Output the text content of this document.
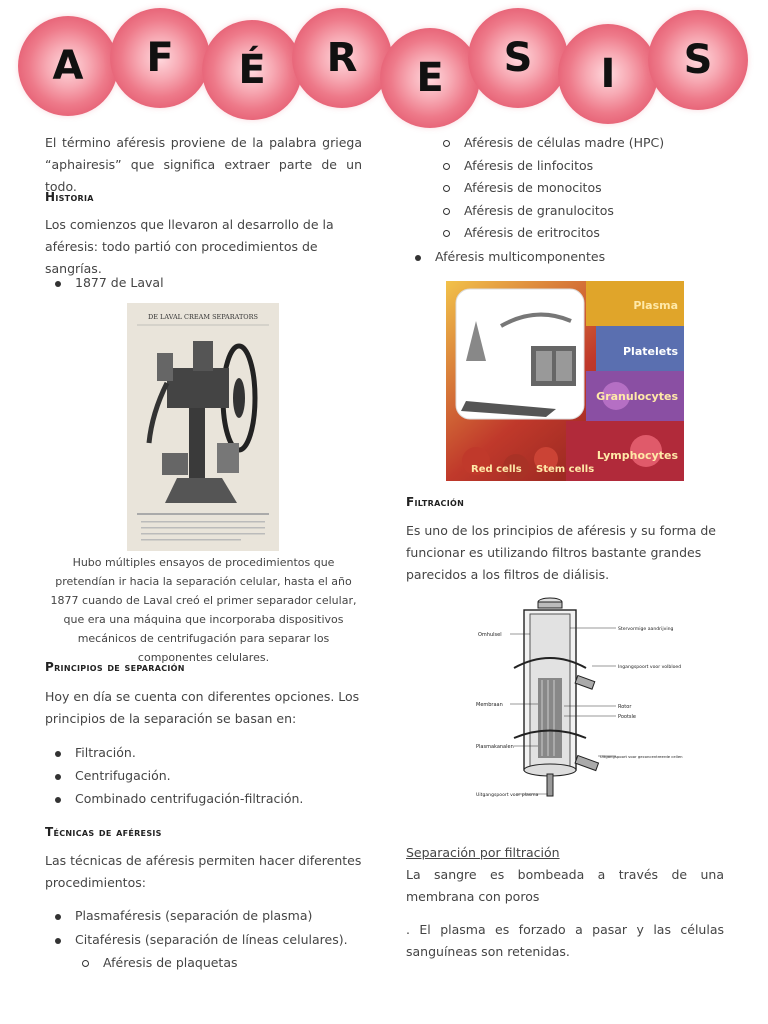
A F É R E S I S
El término aféresis proviene de la palabra griega “aphairesis” que significa extraer parte de un todo.
Historia
Los comienzos que llevaron al desarrollo de la aféresis: todo partió con procedimientos de sangrías.
1877 de Laval
DE LAVAL CREAM SEPARATORS
Hubo múltiples ensayos de procedimientos que pretendían ir hacia la separación celular, hasta el año 1877 cuando de Laval creó el primer separador celular, que era una máquina que incorporaba dispositivos mecánicos de centrifugación para separar los componentes celulares.
Principios de separación
Hoy en día se cuenta con diferentes opciones. Los principios de la separación se basan en:
Filtración.
Centrifugación.
Combinado centrifugación-filtración.
Técnicas de aféresis
Las técnicas de aféresis permiten hacer diferentes procedimientos:
Plasmaféresis (separación de plasma)
Citaféresis (separación de líneas celulares).
Aféresis de plaquetas
Aféresis de células madre (HPC)
Aféresis de linfocitos
Aféresis de monocitos
Aféresis de granulocitos
Aféresis de eritrocitos
Aféresis multicomponentes
Plasma
Platelets
Granulocytes
Lymphocytes
Red cells Stem cells
Filtración
Es uno de los principios de aféresis y su forma de funcionar es utilizando filtros bastante grandes parecidos a los filtros de diálisis.
Omhulsel
Membraan
Plasmakanalen
Uitgangspoort voor plasma
Stervormige aandrijving
Ingangspoort voor volbloed
Rotor
Pootsle
Uitgangspoort voor geconcentreerde cellen
Separación por filtración
La sangre es bombeada a través de una membrana con poros
. El plasma es forzado a pasar y las células sanguíneas son retenidas.
